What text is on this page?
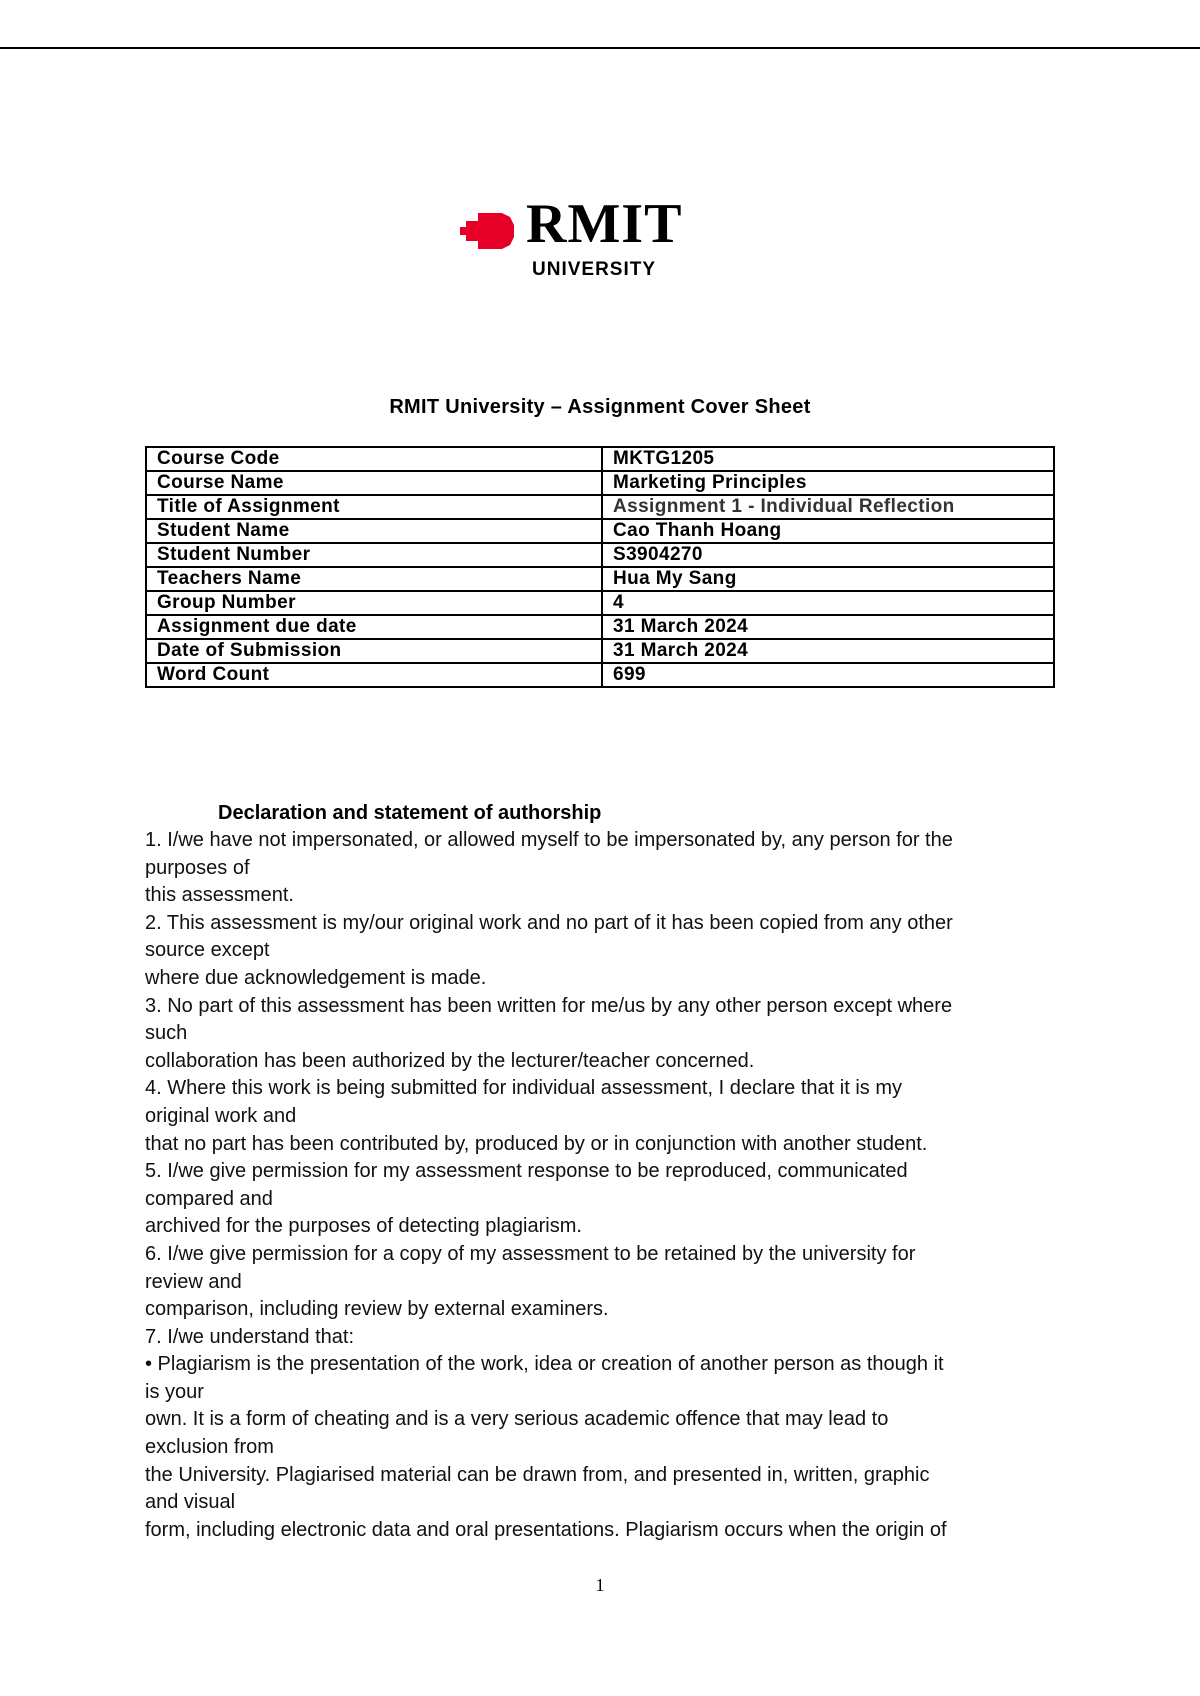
RMIT
UNIVERSITY
RMIT University – Assignment Cover Sheet
Course Code	MKTG1205
Course Name	Marketing Principles
Title of Assignment	Assignment 1 - Individual Reflection
Student Name	Cao Thanh Hoang
Student Number	S3904270
Teachers Name	Hua My Sang
Group Number	4
Assignment due date	31 March 2024
Date of Submission	31 March 2024
Word Count	699
Declaration and statement of authorship
1. I/we have not impersonated, or allowed myself to be impersonated by, any person for the
purposes of
this assessment.
2. This assessment is my/our original work and no part of it has been copied from any other
source except
where due acknowledgement is made.
3. No part of this assessment has been written for me/us by any other person except where
such
collaboration has been authorized by the lecturer/teacher concerned.
4. Where this work is being submitted for individual assessment, I declare that it is my
original work and
that no part has been contributed by, produced by or in conjunction with another student.
5. I/we give permission for my assessment response to be reproduced, communicated
compared and
archived for the purposes of detecting plagiarism.
6. I/we give permission for a copy of my assessment to be retained by the university for
review and
comparison, including review by external examiners.
7. I/we understand that:
• Plagiarism is the presentation of the work, idea or creation of another person as though it
is your
own. It is a form of cheating and is a very serious academic offence that may lead to
exclusion from
the University. Plagiarised material can be drawn from, and presented in, written, graphic
and visual
form, including electronic data and oral presentations. Plagiarism occurs when the origin of
1
